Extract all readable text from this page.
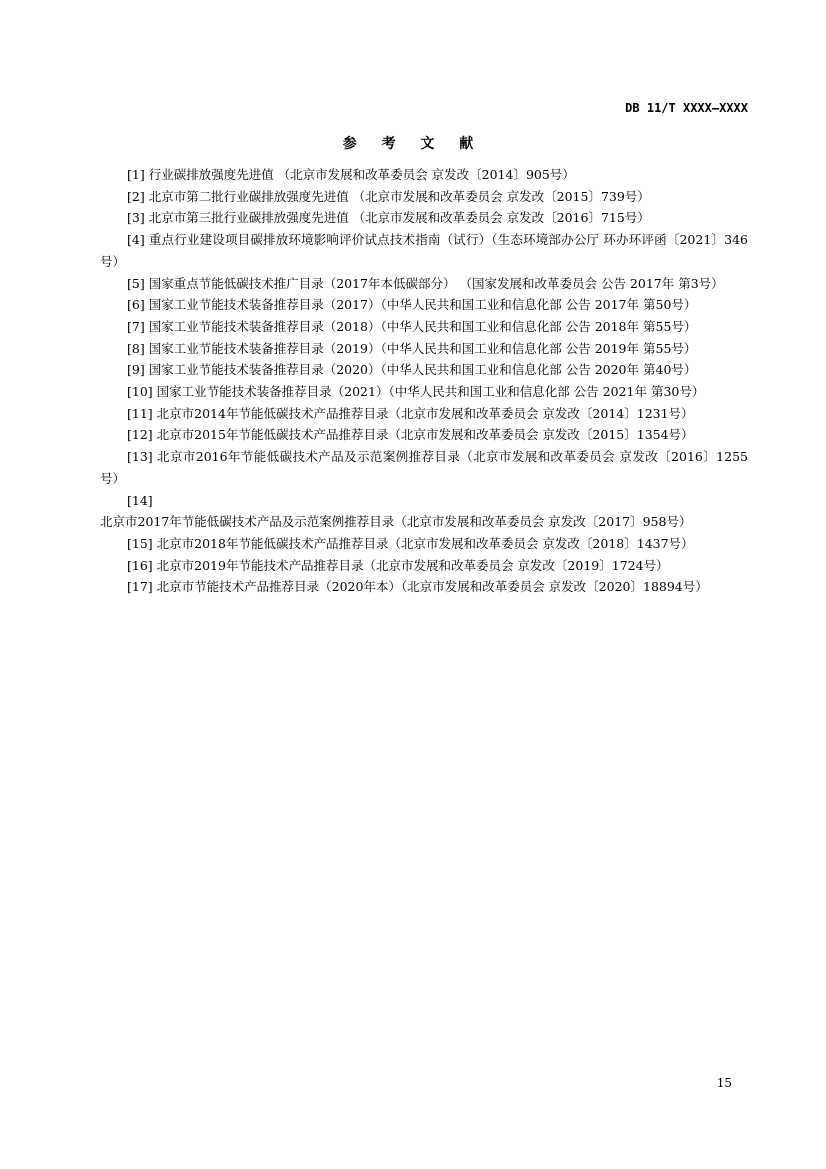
DB 11/T XXXX—XXXX
参 考 文 献
[1] 行业碳排放强度先进值 （北京市发展和改革委员会 京发改〔2014〕905号）
[2] 北京市第二批行业碳排放强度先进值 （北京市发展和改革委员会 京发改〔2015〕739号）
[3] 北京市第三批行业碳排放强度先进值 （北京市发展和改革委员会 京发改〔2016〕715号）
[4] 重点行业建设项目碳排放环境影响评价试点技术指南（试行）（生态环境部办公厅 环办环评函〔2021〕346号）
[5] 国家重点节能低碳技术推广目录（2017年本低碳部分） （国家发展和改革委员会 公告 2017年 第3号）
[6] 国家工业节能技术装备推荐目录（2017）（中华人民共和国工业和信息化部 公告 2017年 第50号）
[7] 国家工业节能技术装备推荐目录（2018）（中华人民共和国工业和信息化部 公告 2018年 第55号）
[8] 国家工业节能技术装备推荐目录（2019）（中华人民共和国工业和信息化部 公告 2019年 第55号）
[9] 国家工业节能技术装备推荐目录（2020）（中华人民共和国工业和信息化部 公告 2020年 第40号）
[10] 国家工业节能技术装备推荐目录（2021）（中华人民共和国工业和信息化部 公告 2021年 第30号）
[11] 北京市2014年节能低碳技术产品推荐目录（北京市发展和改革委员会 京发改〔2014〕1231号）
[12] 北京市2015年节能低碳技术产品推荐目录（北京市发展和改革委员会 京发改〔2015〕1354号）
[13] 北京市2016年节能低碳技术产品及示范案例推荐目录（北京市发展和改革委员会 京发改〔2016〕1255号）
[14] 北京市2017年节能低碳技术产品及示范案例推荐目录（北京市发展和改革委员会 京发改〔2017〕958号）
[15] 北京市2018年节能低碳技术产品推荐目录（北京市发展和改革委员会 京发改〔2018〕1437号）
[16] 北京市2019年节能技术产品推荐目录（北京市发展和改革委员会 京发改〔2019〕1724号）
[17] 北京市节能技术产品推荐目录（2020年本）（北京市发展和改革委员会 京发改〔2020〕18894号）
15
